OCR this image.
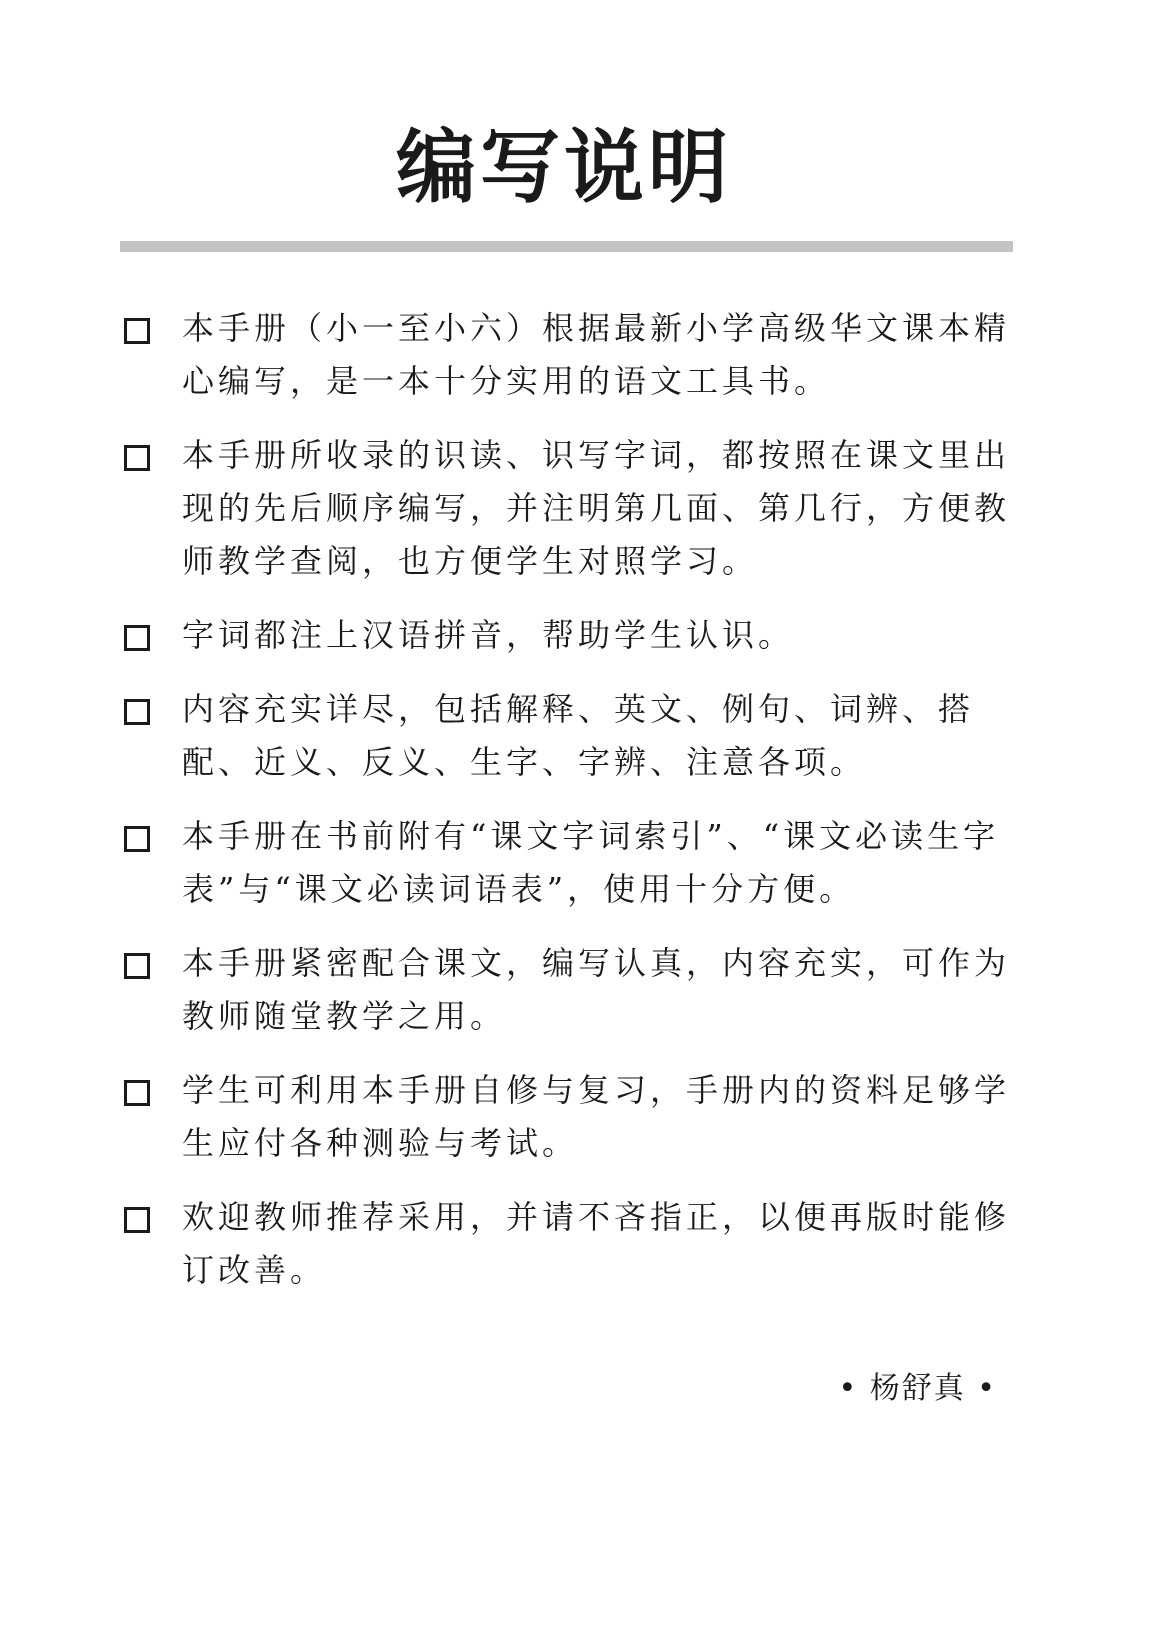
编写说明
本手册（小一至小六）根据最新小学高级华文课本精心编写，是一本十分实用的语文工具书。
本手册所收录的识读、识写字词，都按照在课文里出现的先后顺序编写，并注明第几面、第几行，方便教师教学查阅，也方便学生对照学习。
字词都注上汉语拼音，帮助学生认识。
内容充实详尽，包括解释、英文、例句、词辨、搭配、近义、反义、生字、字辨、注意各项。
本手册在书前附有“课文字词索引”、“课文必读生字表”与“课文必读词语表”，使用十分方便。
本手册紧密配合课文，编写认真，内容充实，可作为教师随堂教学之用。
学生可利用本手册自修与复习，手册内的资料足够学生应付各种测验与考试。
欢迎教师推荐采用，并请不吝指正，以便再版时能修订改善。
• 杨舒真 •
